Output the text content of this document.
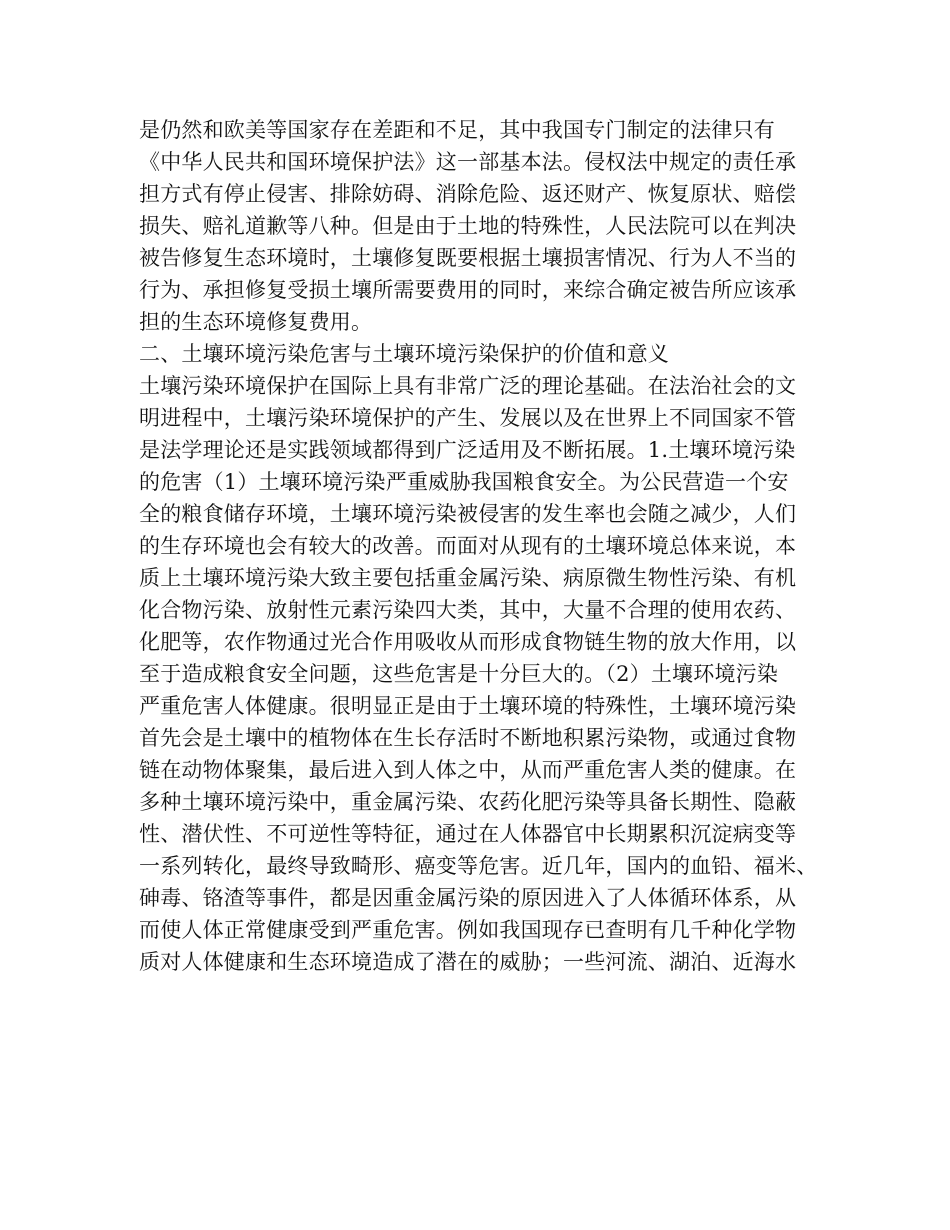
是仍然和欧美等国家存在差距和不足，其中我国专门制定的法律只有
《中华人民共和国环境保护法》这一部基本法。侵权法中规定的责任承
担方式有停止侵害、排除妨碍、消除危险、返还财产、恢复原状、赔偿
损失、赔礼道歉等八种。但是由于土地的特殊性，人民法院可以在判决
被告修复生态环境时，土壤修复既要根据土壤损害情况、行为人不当的
行为、承担修复受损土壤所需要费用的同时，来综合确定被告所应该承
担的生态环境修复费用。
二、土壤环境污染危害与土壤环境污染保护的价值和意义
土壤污染环境保护在国际上具有非常广泛的理论基础。在法治社会的文
明进程中，土壤污染环境保护的产生、发展以及在世界上不同国家不管
是法学理论还是实践领域都得到广泛适用及不断拓展。1.土壤环境污染
的危害（1）土壤环境污染严重威胁我国粮食安全。为公民营造一个安
全的粮食储存环境，土壤环境污染被侵害的发生率也会随之减少，人们
的生存环境也会有较大的改善。而面对从现有的土壤环境总体来说，本
质上土壤环境污染大致主要包括重金属污染、病原微生物性污染、有机
化合物污染、放射性元素污染四大类，其中，大量不合理的使用农药、
化肥等，农作物通过光合作用吸收从而形成食物链生物的放大作用，以
至于造成粮食安全问题，这些危害是十分巨大的。（2）土壤环境污染
严重危害人体健康。很明显正是由于土壤环境的特殊性，土壤环境污染
首先会是土壤中的植物体在生长存活时不断地积累污染物，或通过食物
链在动物体聚集，最后进入到人体之中，从而严重危害人类的健康。在
多种土壤环境污染中，重金属污染、农药化肥污染等具备长期性、隐蔽
性、潜伏性、不可逆性等特征，通过在人体器官中长期累积沉淀病变等
一系列转化，最终导致畸形、癌变等危害。近几年，国内的血铅、福米、
砷毒、铬渣等事件，都是因重金属污染的原因进入了人体循环体系，从
而使人体正常健康受到严重危害。例如我国现存已查明有几千种化学物
质对人体健康和生态环境造成了潜在的威胁；一些河流、湖泊、近海水
